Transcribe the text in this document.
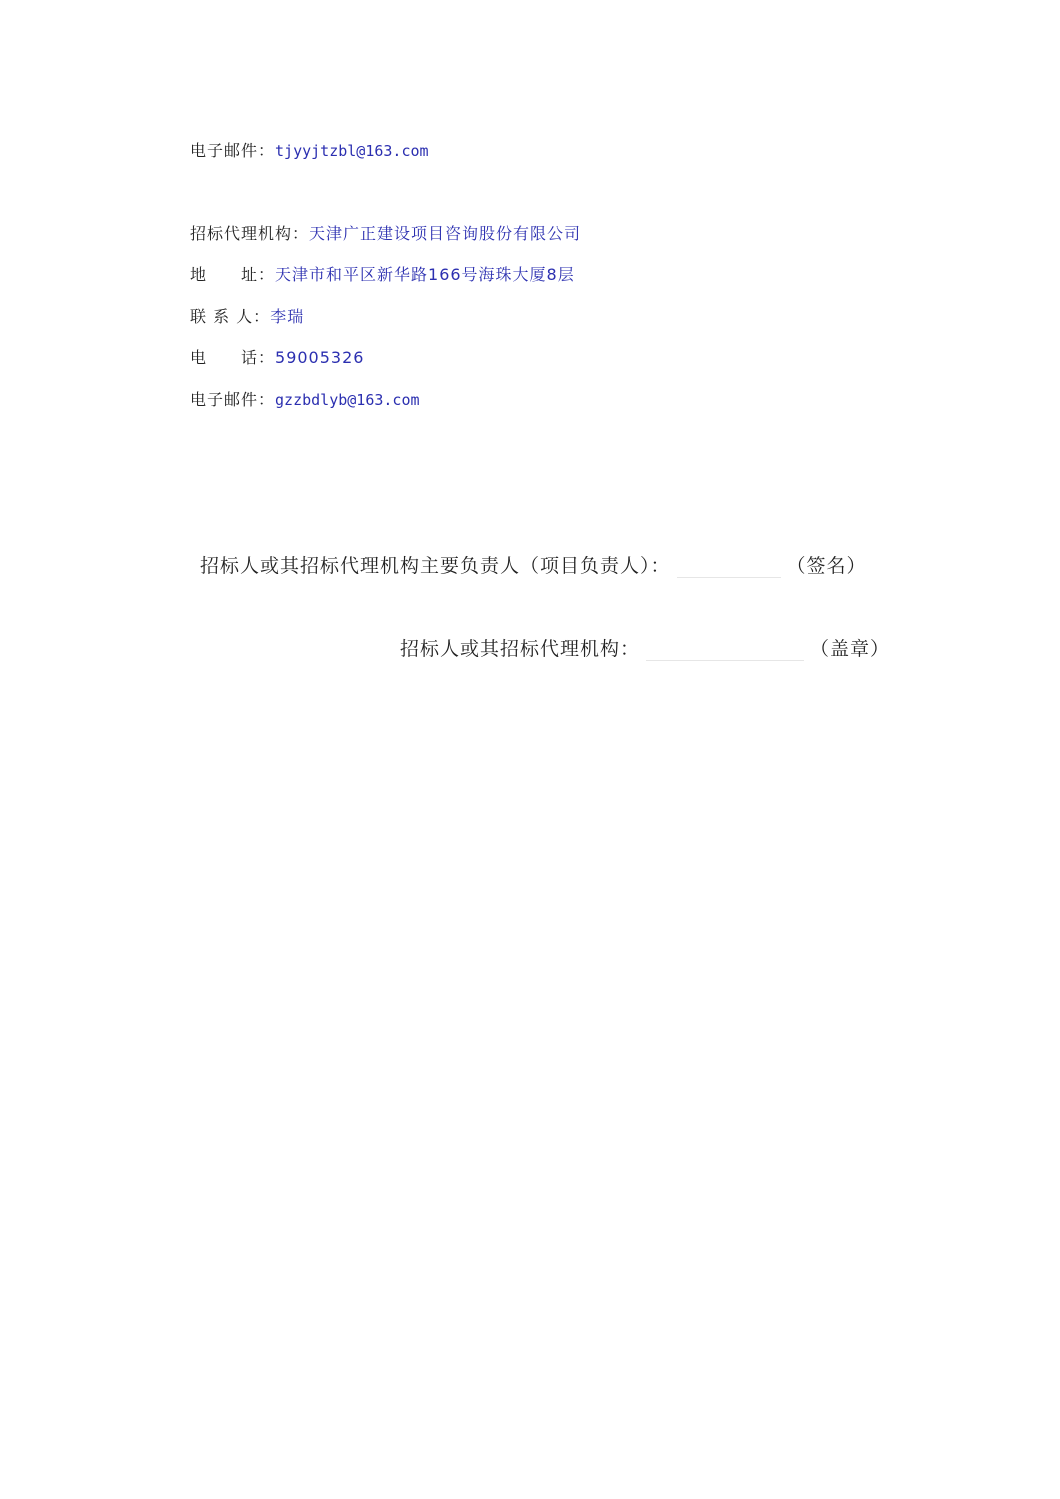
电子邮件：tjyyjtzbl@163.com
招标代理机构：天津广正建设项目咨询股份有限公司
地　　址：天津市和平区新华路166号海珠大厦8层
联 系 人：李瑞
电　　话：59005326
电子邮件：gzzbdlyb@163.com
招标人或其招标代理机构主要负责人（项目负责人）：	（签名）
招标人或其招标代理机构：	（盖章）
